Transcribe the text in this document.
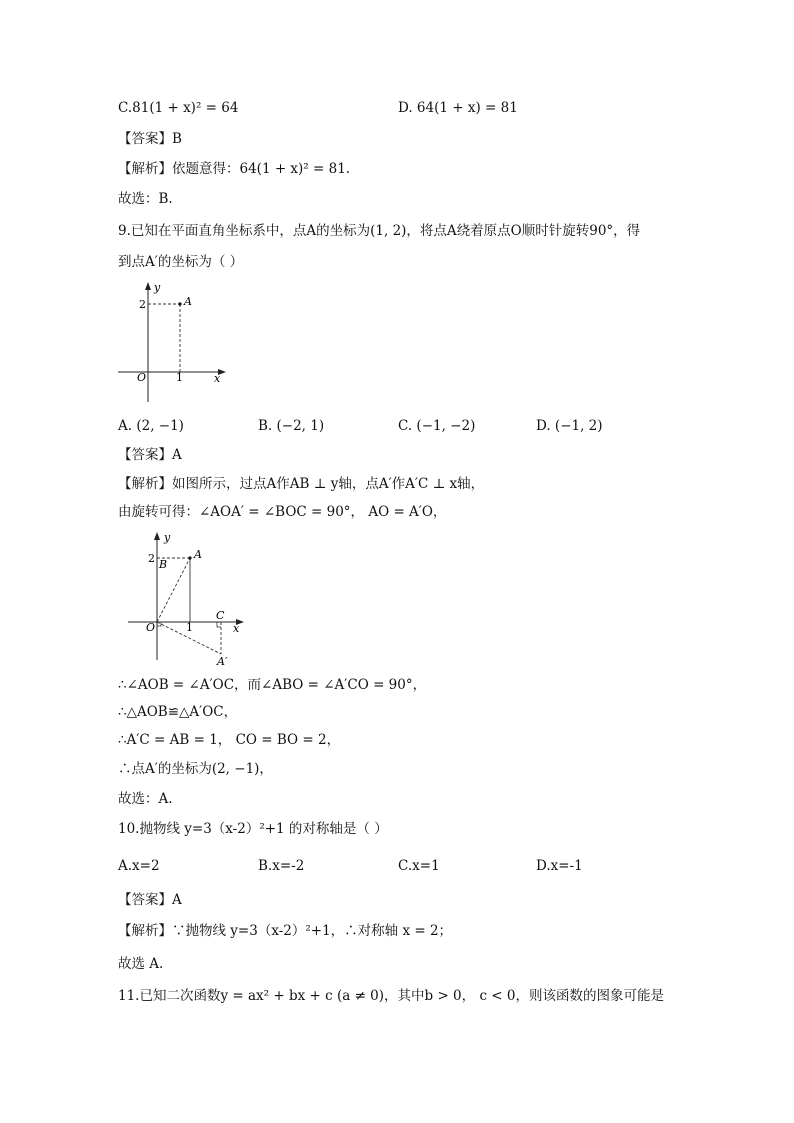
C.81(1 + x)² = 64	D. 64(1 + x) = 81
【答案】B
【解析】依题意得：64(1 + x)² = 81.
故选：B.
9.已知在平面直角坐标系中，点A的坐标为(1, 2)，将点A绕着原点O顺时针旋转90°，得
到点A′的坐标为（ ）
A
y
x
O
2
1
A. (2, −1)	B. (−2, 1)	C. (−1, −2)	D. (−1, 2)
【答案】A
【解析】如图所示，过点A作AB ⊥ y轴，点A′作A′C ⊥ x轴，
由旋转可得：∠AOA′ = ∠BOC = 90°， AO = A′O，
A
B
C
A′
y
x
O
2
1
∴∠AOB = ∠A′OC，而∠ABO = ∠A′CO = 90°，
∴△AOB≌△A′OC，
∴A′C = AB = 1， CO = BO = 2，
∴点A′的坐标为(2, −1)，
故选：A.
10.抛物线 y=3（x-2）²+1 的对称轴是（ ）
A.x=2	B.x=-2	C.x=1	D.x=-1
【答案】A
【解析】∵抛物线 y=3（x-2）²+1，∴对称轴 x = 2；
故选 A.
11.已知二次函数y = ax² + bx + c (a ≠ 0)，其中b > 0， c < 0，则该函数的图象可能是
